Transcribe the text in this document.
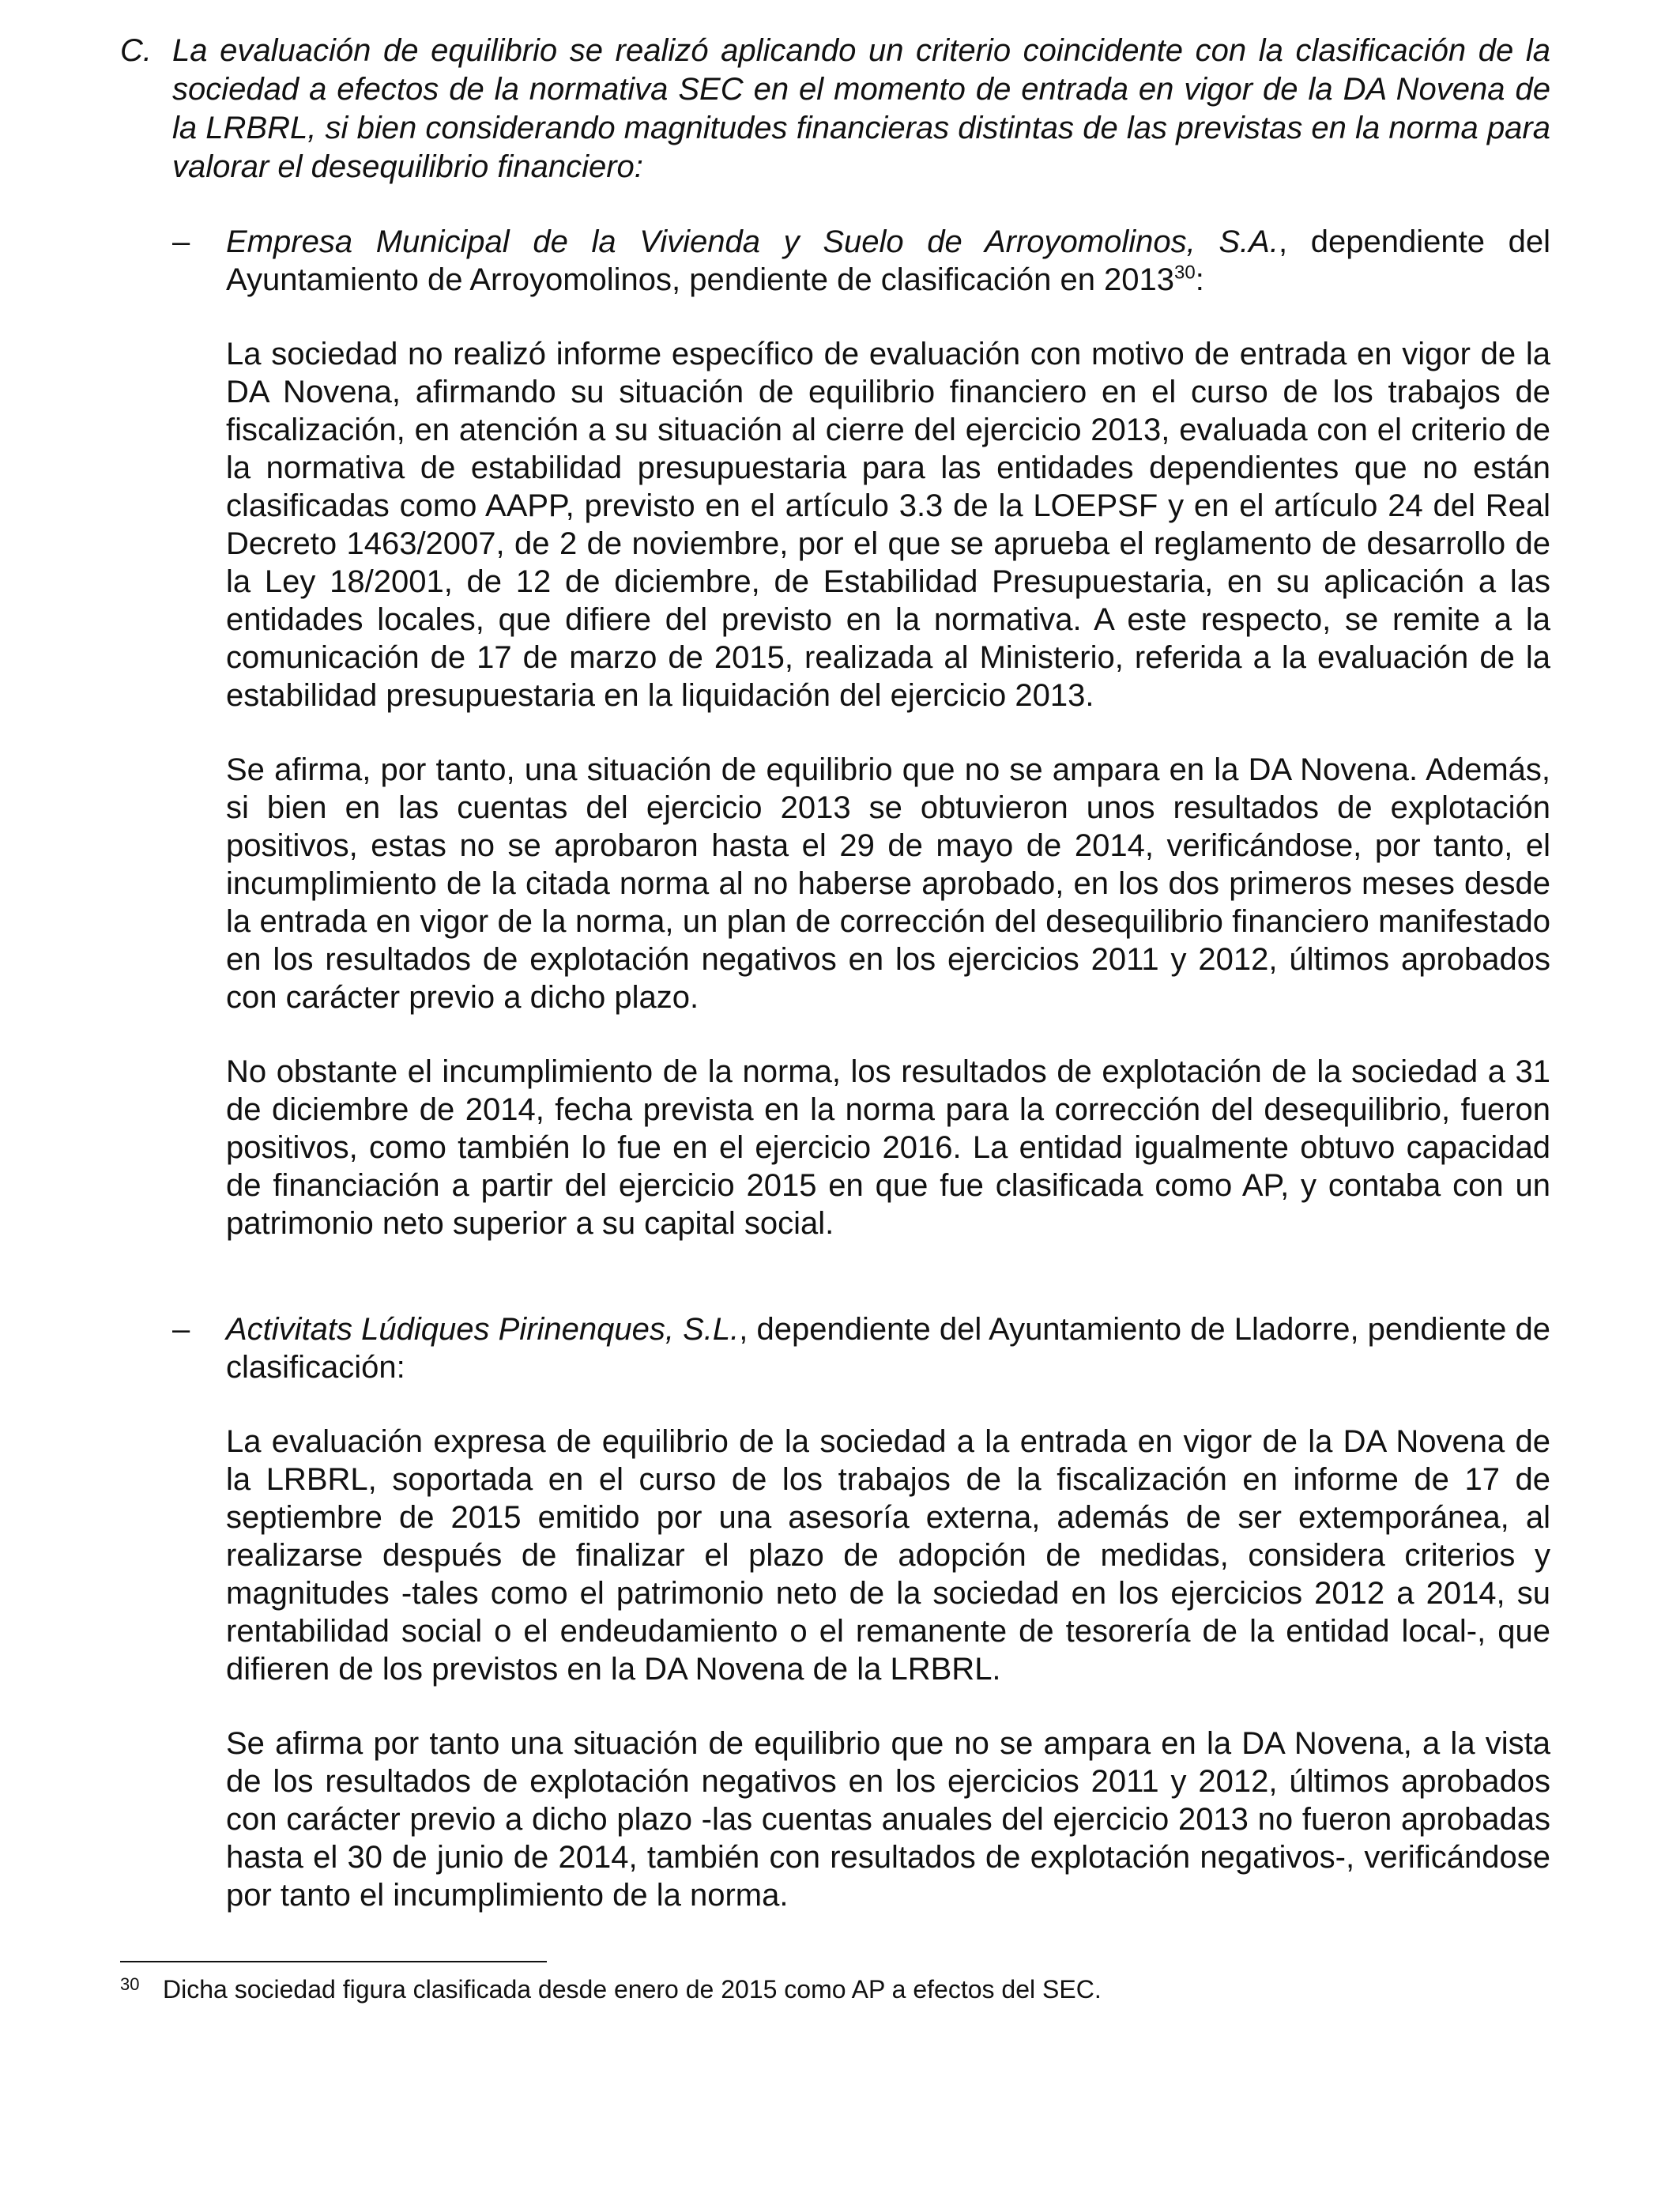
C. La evaluación de equilibrio se realizó aplicando un criterio coincidente con la clasificación de la sociedad a efectos de la normativa SEC en el momento de entrada en vigor de la DA Novena de la LRBRL, si bien considerando magnitudes financieras distintas de las previstas en la norma para valorar el desequilibrio financiero:
–	Empresa Municipal de la Vivienda y Suelo de Arroyomolinos, S.A., dependiente del Ayuntamiento de Arroyomolinos, pendiente de clasificación en 2013$^{30}$:

La sociedad no realizó informe específico de evaluación con motivo de entrada en vigor de la DA Novena, afirmando su situación de equilibrio financiero en el curso de los trabajos de fiscalización, en atención a su situación al cierre del ejercicio 2013, evaluada con el criterio de la normativa de estabilidad presupuestaria para las entidades dependientes que no están clasificadas como AAPP, previsto en el artículo 3.3 de la LOEPSF y en el artículo 24 del Real Decreto 1463/2007, de 2 de noviembre, por el que se aprueba el reglamento de desarrollo de la Ley 18/2001, de 12 de diciembre, de Estabilidad Presupuestaria, en su aplicación a las entidades locales, que difiere del previsto en la normativa. A este respecto, se remite a la comunicación de 17 de marzo de 2015, realizada al Ministerio, referida a la evaluación de la estabilidad presupuestaria en la liquidación del ejercicio 2013.

Se afirma, por tanto, una situación de equilibrio que no se ampara en la DA Novena. Además, si bien en las cuentas del ejercicio 2013 se obtuvieron unos resultados de explotación positivos, estas no se aprobaron hasta el 29 de mayo de 2014, verificándose, por tanto, el incumplimiento de la citada norma al no haberse aprobado, en los dos primeros meses desde la entrada en vigor de la norma, un plan de corrección del desequilibrio financiero manifestado en los resultados de explotación negativos en los ejercicios 2011 y 2012, últimos aprobados con carácter previo a dicho plazo.

No obstante el incumplimiento de la norma, los resultados de explotación de la sociedad a 31 de diciembre de 2014, fecha prevista en la norma para la corrección del desequilibrio, fueron positivos, como también lo fue en el ejercicio 2016. La entidad igualmente obtuvo capacidad de financiación a partir del ejercicio 2015 en que fue clasificada como AP, y contaba con un patrimonio neto superior a su capital social.

–	Activitats Lúdiques Pirinenques, S.L., dependiente del Ayuntamiento de Lladorre, pendiente de clasificación:

La evaluación expresa de equilibrio de la sociedad a la entrada en vigor de la DA Novena de la LRBRL, soportada en el curso de los trabajos de la fiscalización en informe de 17 de septiembre de 2015 emitido por una asesoría externa, además de ser extemporánea, al realizarse después de finalizar el plazo de adopción de medidas, considera criterios y magnitudes -tales como el patrimonio neto de la sociedad en los ejercicios 2012 a 2014, su rentabilidad social o el endeudamiento o el remanente de tesorería de la entidad local-, que difieren de los previstos en la DA Novena de la LRBRL.

Se afirma por tanto una situación de equilibrio que no se ampara en la DA Novena, a la vista de los resultados de explotación negativos en los ejercicios 2011 y 2012, últimos aprobados con carácter previo a dicho plazo -las cuentas anuales del ejercicio 2013 no fueron aprobadas hasta el 30 de junio de 2014, también con resultados de explotación negativos-, verificándose por tanto el incumplimiento de la norma.

30 Dicha sociedad figura clasificada desde enero de 2015 como AP a efectos del SEC.
